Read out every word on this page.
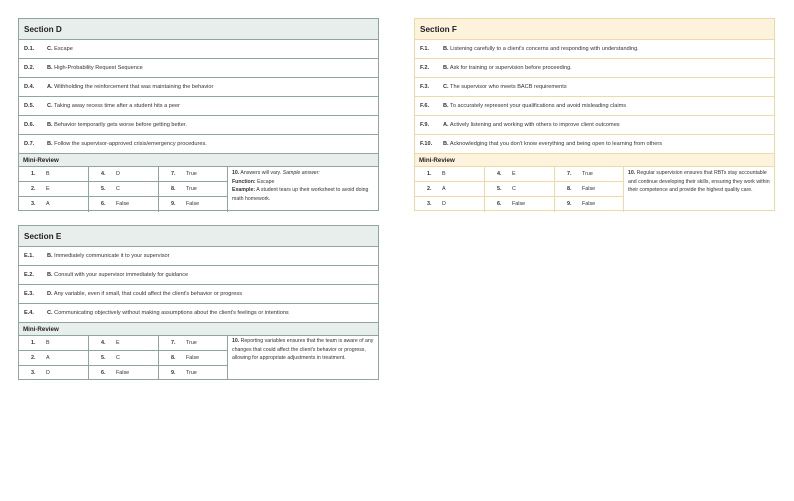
Section D
D.1.	C. Escape
D.2.	B. High-Probability Request Sequence
D.4.	A. Withholding the reinforcement that was maintaining the behavior
D.5.	C. Taking away recess time after a student hits a peer
D.6.	B. Behavior temporarily gets worse before getting better.
D.7.	B. Follow the supervisor-approved crisis/emergency procedures.
Mini-Review
1. B	4. D	7. True
2. E	5. C	8. True
3. A	6. False	9. False
10. Answers will vary. Sample answer:
Function: Escape
Example: A student tears up their worksheet to avoid doing math homework.
Section E
E.1.	B. Immediately communicate it to your supervisor
E.2.	B. Consult with your supervisor immediately for guidance
E.3.	D. Any variable, even if small, that could affect the client's behavior or progress
E.4.	C. Communicating objectively without making assumptions about the client's feelings or intentions
Mini-Review
1. B	4. E	7. True
2. A	5. C	8. False
3. D	6. False	9. True
10. Reporting variables ensures that the team is aware of any changes that could affect the client's behavior or progress, allowing for appropriate adjustments in treatment.
Section F
F.1.	B. Listening carefully to a client's concerns and responding with understanding.
F.2.	B. Ask for training or supervision before proceeding.
F.3.	C. The supervisor who meets BACB requirements
F.6.	B. To accurately represent your qualifications and avoid misleading claims
F.9.	A. Actively listening and working with others to improve client outcomes
F.10.	B. Acknowledging that you don't know everything and being open to learning from others
Mini-Review
1. B	4. E	7. True
2. A	5. C	8. False
3. D	6. False	9. False
10. Regular supervision ensures that RBTs stay accountable and continue developing their skills, ensuring they work within their competence and provide the highest quality care.
